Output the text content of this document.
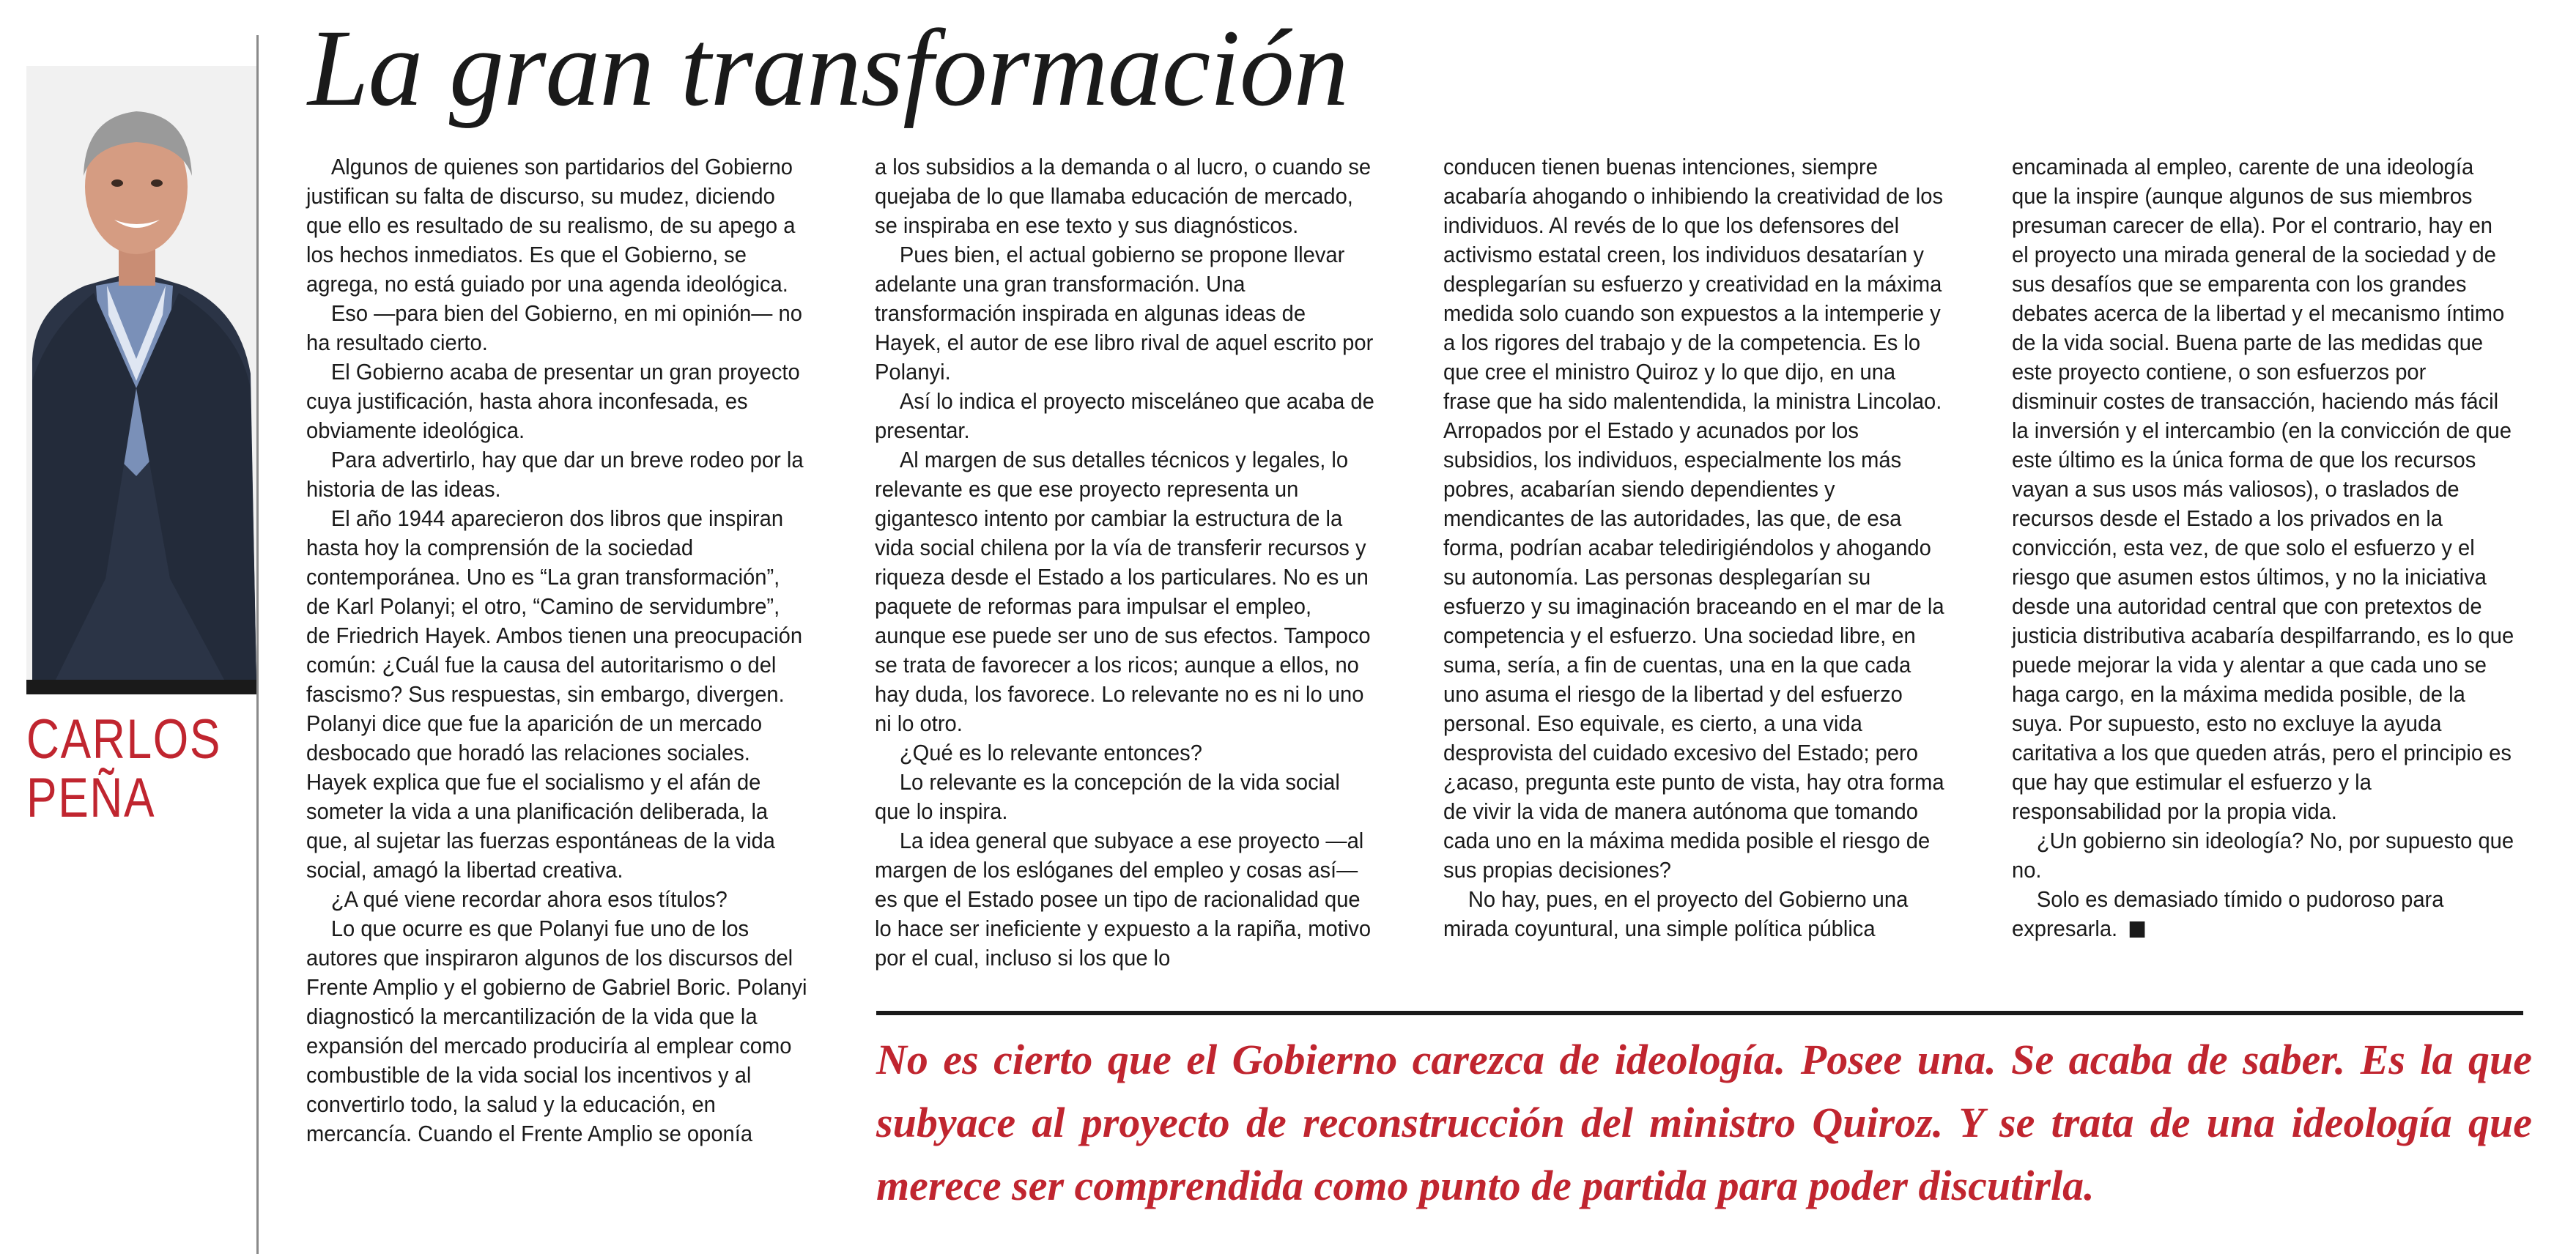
CARLOS
PEÑA
La gran transformación

Algunos de quienes son partidarios del Gobierno justifican su falta de discurso, su mudez, diciendo que ello es resultado de su realismo, de su apego a los hechos inmediatos. Es que el Gobierno, se agrega, no está guiado por una agenda ideológica.

Eso —para bien del Gobierno, en mi opinión— no ha resultado cierto.

El Gobierno acaba de presentar un gran proyecto cuya justificación, hasta ahora inconfesada, es obviamente ideológica.

Para advertirlo, hay que dar un breve rodeo por la historia de las ideas.

El año 1944 aparecieron dos libros que inspiran hasta hoy la comprensión de la sociedad contemporánea. Uno es “La gran transformación”, de Karl Polanyi; el otro, “Camino de servidumbre”, de Friedrich Hayek. Ambos tienen una preocupación común: ¿Cuál fue la causa del autoritarismo o del fascismo? Sus respuestas, sin embargo, divergen. Polanyi dice que fue la aparición de un mercado desbocado que horadó las relaciones sociales. Hayek explica que fue el socialismo y el afán de someter la vida a una planificación deliberada, la que, al sujetar las fuerzas espontáneas de la vida social, amagó la libertad creativa.

¿A qué viene recordar ahora esos títulos?

Lo que ocurre es que Polanyi fue uno de los autores que inspiraron algunos de los discursos del Frente Amplio y el gobierno de Gabriel Boric. Polanyi diagnosticó la mercantilización de la vida que la expansión del mercado produciría al emplear como combustible de la vida social los incentivos y al convertirlo todo, la salud y la educación, en mercancía. Cuando el Frente Amplio se oponía

a los subsidios a la demanda o al lucro, o cuando se quejaba de lo que llamaba educación de mercado, se inspiraba en ese texto y sus diagnósticos.

Pues bien, el actual gobierno se propone llevar adelante una gran transformación. Una transformación inspirada en algunas ideas de Hayek, el autor de ese libro rival de aquel escrito por Polanyi.

Así lo indica el proyecto misceláneo que acaba de presentar.

Al margen de sus detalles técnicos y legales, lo relevante es que ese proyecto representa un gigantesco intento por cambiar la estructura de la vida social chilena por la vía de transferir recursos y riqueza desde el Estado a los particulares. No es un paquete de reformas para impulsar el empleo, aunque ese puede ser uno de sus efectos. Tampoco se trata de favorecer a los ricos; aunque a ellos, no hay duda, los favorece. Lo relevante no es ni lo uno ni lo otro.

¿Qué es lo relevante entonces?

Lo relevante es la concepción de la vida social que lo inspira.

La idea general que subyace a ese proyecto —al margen de los eslóganes del empleo y cosas así— es que el Estado posee un tipo de racionalidad que lo hace ser ineficiente y expuesto a la rapiña, motivo por el cual, incluso si los que lo

conducen tienen buenas intenciones, siempre acabaría ahogando o inhibiendo la creatividad de los individuos. Al revés de lo que los defensores del activismo estatal creen, los individuos desatarían y desplegarían su esfuerzo y creatividad en la máxima medida solo cuando son expuestos a la intemperie y a los rigores del trabajo y de la competencia. Es lo que cree el ministro Quiroz y lo que dijo, en una frase que ha sido malentendida, la ministra Lincolao. Arropados por el Estado y acunados por los subsidios, los individuos, especialmente los más pobres, acabarían siendo dependientes y mendicantes de las autoridades, las que, de esa forma, podrían acabar teledirigiéndolos y ahogando su autonomía. Las personas desplegarían su esfuerzo y su imaginación braceando en el mar de la competencia y el esfuerzo. Una sociedad libre, en suma, sería, a fin de cuentas, una en la que cada uno asuma el riesgo de la libertad y del esfuerzo personal. Eso equivale, es cierto, a una vida desprovista del cuidado excesivo del Estado; pero ¿acaso, pregunta este punto de vista, hay otra forma de vivir la vida de manera autónoma que tomando cada uno en la máxima medida posible el riesgo de sus propias decisiones?

No hay, pues, en el proyecto del Gobierno una mirada coyuntural, una simple política pública

encaminada al empleo, carente de una ideología que la inspire (aunque algunos de sus miembros presuman carecer de ella). Por el contrario, hay en el proyecto una mirada general de la sociedad y de sus desafíos que se emparenta con los grandes debates acerca de la libertad y el mecanismo íntimo de la vida social. Buena parte de las medidas que este proyecto contiene, o son esfuerzos por disminuir costes de transacción, haciendo más fácil la inversión y el intercambio (en la convicción de que este último es la única forma de que los recursos vayan a sus usos más valiosos), o traslados de recursos desde el Estado a los privados en la convicción, esta vez, de que solo el esfuerzo y el riesgo que asumen estos últimos, y no la iniciativa desde una autoridad central que con pretextos de justicia distributiva acabaría despilfarrando, es lo que puede mejorar la vida y alentar a que cada uno se haga cargo, en la máxima medida posible, de la suya. Por supuesto, esto no excluye la ayuda caritativa a los que queden atrás, pero el principio es que hay que estimular el esfuerzo y la responsabilidad por la propia vida.

¿Un gobierno sin ideología? No, por supuesto que no.

Solo es demasiado tímido o pudoroso para expresarla.

No es cierto que el Gobierno carezca de ideología. Posee una. Se acaba de saber. Es la que subyace al proyecto de reconstrucción del ministro Quiroz. Y se trata de una ideología que merece ser comprendida como punto de partida para poder discutirla.
